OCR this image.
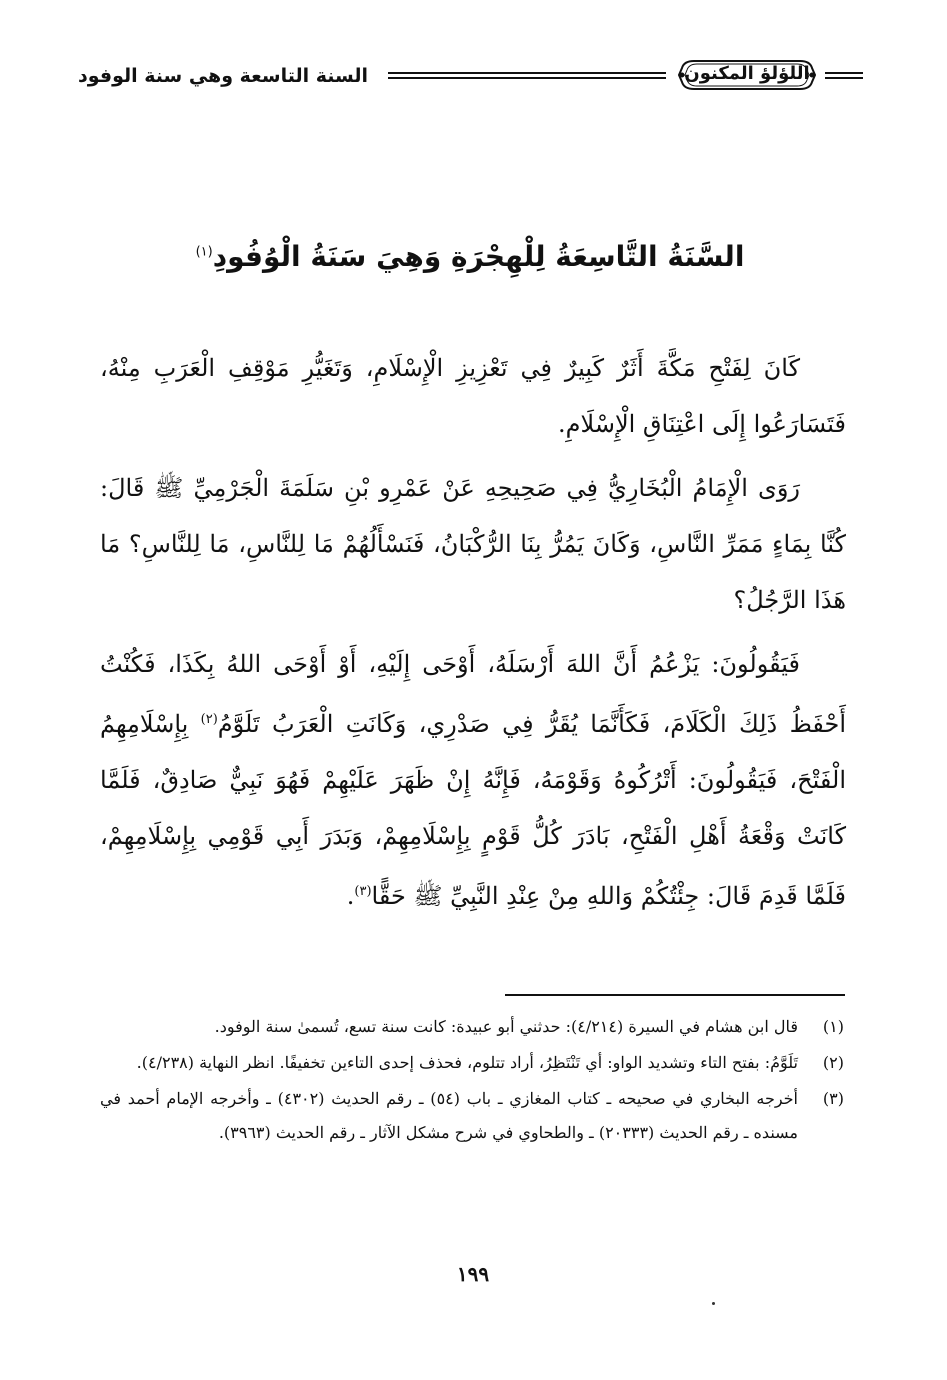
اللؤلؤ المكنون
السنة التاسعة وهي سنة الوفود
السَّنَةُ التَّاسِعَةُ لِلْهِجْرَةِ وَهِيَ سَنَةُ الْوُفُودِ$^{(١)}$

كَانَ لِفَتْحِ مَكَّةَ أَثَرٌ كَبِيرٌ فِي تَعْزِيزِ الْإِسْلَامِ، وَتَغَيُّرِ مَوْقِفِ الْعَرَبِ مِنْهُ، فَتَسَارَعُوا إِلَى اعْتِنَاقِ الْإِسْلَامِ.

رَوَى الْإِمَامُ الْبُخَارِيُّ فِي صَحِيحِهِ عَنْ عَمْرِو بْنِ سَلَمَةَ الْجَرْمِيِّ ﷺ قَالَ: كُنَّا بِمَاءٍ مَمَرِّ النَّاسِ، وَكَانَ يَمُرُّ بِنَا الرُّكْبَانُ، فَنَسْأَلُهُمْ مَا لِلنَّاسِ، مَا لِلنَّاسِ؟ مَا هَذَا الرَّجُلُ؟

فَيَقُولُونَ: يَزْعُمُ أَنَّ اللهَ أَرْسَلَهُ، أَوْحَى إِلَيْهِ، أَوْ أَوْحَى اللهُ بِكَذَا، فَكُنْتُ أَحْفَظُ ذَلِكَ الْكَلَامَ، فَكَأَنَّمَا يُقَرُّ فِي صَدْرِي، وَكَانَتِ الْعَرَبُ تَلَوَّمُ$^{(٢)}$ بِإِسْلَامِهِمُ الْفَتْحَ، فَيَقُولُونَ: أَتْرُكُوهُ وَقَوْمَهُ، فَإِنَّهُ إِنْ ظَهَرَ عَلَيْهِمْ فَهُوَ نَبِيٌّ صَادِقٌ، فَلَمَّا كَانَتْ وَقْعَةُ أَهْلِ الْفَتْحِ، بَادَرَ كُلُّ قَوْمٍ بِإِسْلَامِهِمْ، وَبَدَرَ أَبِي قَوْمِي بِإِسْلَامِهِمْ، فَلَمَّا قَدِمَ قَالَ: جِئْتُكُمْ وَاللهِ مِنْ عِنْدِ النَّبِيِّ ﷺ حَقًّا$^{(٣)}$.

(١)
قال ابن هشام في السيرة (٤/٢١٤): حدثني أبو عبيدة: كانت سنة تسع، تُسمىٰ سنة الوفود.
(٢)
تَلَوَّمُ: بفتح التاء وتشديد الواو: أي تَنْتَظِرُ، أراد تتلوم، فحذف إحدى التاءين تخفيفًا. انظر النهاية (٤/٢٣٨).
(٣)
أخرجه البخاري في صحيحه ـ كتاب المغازي ـ باب (٥٤) ـ رقم الحديث (٤٣٠٢) ـ وأخرجه الإمام أحمد في مسنده ـ رقم الحديث (٢٠٣٣٣) ـ والطحاوي في شرح مشكل الآثار ـ رقم الحديث (٣٩٦٣).
١٩٩
